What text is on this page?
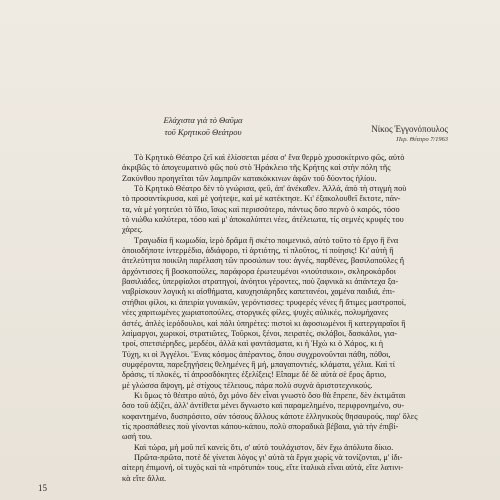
Ελάχιστα γιὰ τὸ Θαῦμα
τοῦ Κρητικοῦ Θεάτρου	Νίκος Έγγονόπουλος
Περ. Θέατρο 7/1963

Τὸ Κρητικὸ Θέατρο ζεῖ καὶ ἑλίσσεται μέσα σ' ἕνα θερμὸ χρυσοκίτρινο φῶς, αὐτὸ
ἀκριβῶς τὸ ἀπογευματινὸ φῶς ποὺ στὸ Ἡράκλειο τῆς Κρήτης καὶ στὴν πόλη τῆς
Ζακύνθου προηγεῖται τῶν λαμπρῶν κατακόκκινων ἀφῶν τοῦ δύοντος ἡλίου.

Τὸ Κρητικὸ Θέατρο δὲν τὸ γνώρισα, φεῦ, ἀπ' ἀνέκαθεν. Ἀλλά, ἀπὸ τὴ στιγμὴ ποὺ
τὸ προσαντίκρυσα, καὶ μὲ γοήτεψε, καὶ μὲ κατέκτησε. Κι' ἐξακολουθεῖ ἔκτοτε, πάν-
τα, νὰ μὲ γοητεύει τὸ ἴδιο, ἴσως καὶ περισσότερο, πάντως ὅσο περνὸ ὁ καιρός, τόσο
τὸ νιώθω καλύτερα, τόσο καὶ μ' ἀποκαλύπτει νέες, ἀτέλειωτα, τίς σεμνές κρυφές του
χάρες.

Τραγωδία ἢ κωμωδία, ἱερὸ δρᾶμα ἢ σκέτο ποιμενικό, αὐτὸ τοῦτο τὸ ἔργο ἢ ἕνα
ὁποιοδήποτε ἰντερμέδιο, ἀδιάφορο, τί ἀρτιότης, τί πλοῦτος, τί ποίησις! Κι' αὐτὴ ἢ
ἀτελεύτητα ποικίλη παρέλαση τῶν προσώπων του: ἁγνές, παρθένες, βασιλοπούλες ἢ
ἀρχόντισσες ἢ βοσκοπούλες, παράφορα ἐρωτευμένοι «νιούτσικοι», σκληροκάρδοι
βασιλιάδες, ὑπερφίαλοι στρατηγοί, ἀνόητοι γέροντες, ποὺ ζαφνικὰ κι ἀπάντεχα ξα-
ναβρίσκουν λογικὴ κι αἰσθήματα, καυχησιάρηδες καπετανέοι, χαμένα παιδιά, ἐπι-
στήθιοι φίλοι, κι ἀπειρία γυναικῶν, γερόντισσες: τρυφερές νένες ἢ ἄτιμες μαστροποί,
νέες χαριτωμένες χωριατοπούλες, στοργικές φίλες, ψυχὲς αὐλικές, πολυμήχανες
ἀστές, ἁπλὲς ἱερόδουλοι, καὶ πάλι ὑπηρέτες: πιστοὶ κι ἀφοσιωμένοι ἢ κατεργαραῖοι ἢ
λαίμαργοι, χωρικοί, στρατιῶτες, Τοῦρκοι, ξένοι, πειρατές, σκλάβοι, δασκάλοι, για-
τροί, σπετσιέρηδες, μερδέοι, ἀλλὰ καὶ φαντάσματα, κι ἡ Ἠχὼ κι ὁ Χάρος, κι ἡ
Τύχη, κι οἱ Ἀγγέλοι. Ἕνας κόσμος ἀπέραντος, ὅπου συγχρονοῦνται πάθη, πόθοι,
συμφέροντα, παρεξηγήσεις θελημένες ἢ μή, μπαγαποντιές, κλάματα, γέλια. Καὶ τί
δράσις, τί πλοκές, τί ἀπροσδόκητες ἐξελίξεις! Εἴπαμε δὲ δὲ αὐτὰ σὲ ἔρος ἄρτιο,
μὲ γλώσσα ἄψογη, μὲ στίχους τέλειους, πάρα πολὺ συχνὰ ἀριστοτεχνικούς.

Κι ὅμως τὸ θέατρο αὐτό, ὄχι μόνο δὲν εἶναι γνωστὸ ὅσο θὰ ἔπρεπε, δὲν ἐκτιμᾶται
ὅσο τοῦ ἀξίζει, ἀλλ' ἀντίθετα μένει ἄγνωστο καὶ παραμελημένο, περιφρονημένο, συ-
κοφαντημένο, δυσπρόσιτο, σὰν τόσους ἄλλους κάποτε ἑλληνικοὺς θησαυρούς, παρ' ὅλες
τίς προσπάθειες ποὺ γίνονται κάπου-κάπου, πολὺ σποραδικὰ βέβαια, γιὰ τὴν ἐπιβί-
ωσή του.

Καὶ τώρα, μὴ μοῦ πεῖ κανεὶς ὅτι, σ' αὐτὸ τουλάχιστον, δὲν ἔχω ἀπόλυτα δίκιο.

Πρῶτα-πρῶτα, ποτὲ δὲ γίνεται λόγος γι' αὐτὰ τὰ ἔργα χωρὶς νὰ τονίζονται, μ' ἰδι-
αίτερη ἐπιμονή, οἱ τυχὸς καὶ τὰ «πρότυπά» τους, εἴτε ἰταλικὰ εἶναι αὐτά, εἴτε λατινι-
κὰ εἴτε ἄλλα.

15
